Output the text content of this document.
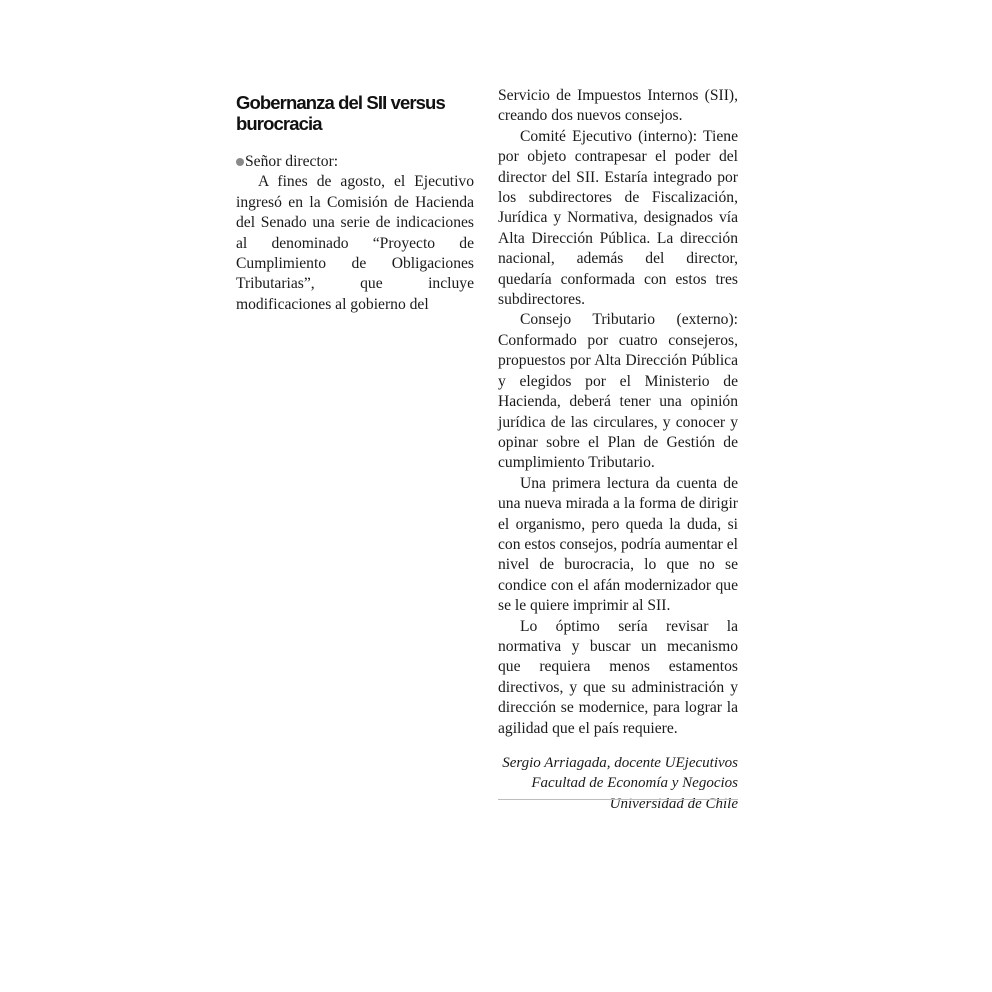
Gobernanza del SII versus burocracia

Señor director:

A fines de agosto, el Ejecutivo ingresó en la Comisión de Hacienda del Senado una serie de indicaciones al denominado “Proyecto de Cumplimiento de Obligaciones Tributarias”, que incluye modificaciones al gobierno del

Servicio de Impuestos Internos (SII), creando dos nuevos consejos.

Comité Ejecutivo (interno): Tiene por objeto contrapesar el poder del director del SII. Estaría integrado por los subdirectores de Fiscalización, Jurídica y Normativa, designados vía Alta Dirección Pública. La dirección nacional, además del director, quedaría conformada con estos tres subdirectores.

Consejo Tributario (externo): Conformado por cuatro consejeros, propuestos por Alta Dirección Pública y elegidos por el Ministerio de Hacienda, deberá tener una opinión jurídica de las circulares, y conocer y opinar sobre el Plan de Gestión de cumplimiento Tributario.

Una primera lectura da cuenta de una nueva mirada a la forma de dirigir el organismo, pero queda la duda, si con estos consejos, podría aumentar el nivel de burocracia, lo que no se condice con el afán modernizador que se le quiere imprimir al SII.

Lo óptimo sería revisar la normativa y buscar un mecanismo que requiera menos estamentos directivos, y que su administración y dirección se modernice, para lograr la agilidad que el país requiere.

Sergio Arriagada, docente UEjecutivos
Facultad de Economía y Negocios
Universidad de Chile
